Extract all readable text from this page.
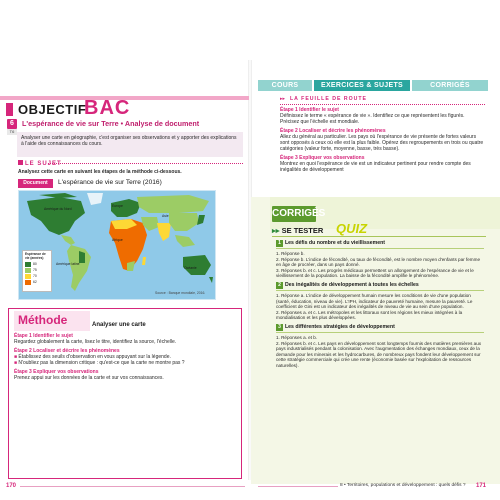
OBJECTIF
BAC
6
T6
L'espérance de vie sur Terre • Analyse de document
Analyser une carte en géographie, c'est organiser ses observations et y apporter des explications à l'aide des connaissances du cours.
LE SUJET
Analysez cette carte en suivant les étapes de la méthode ci-dessous.
Document	L'espérance de vie sur Terre (2016)
Amérique du Nord
Amérique latine
Europe
Afrique
Asie
Océanie
Espérance de vie (années)
80
75
70
62
Source : Banque mondiale, 2016.
Méthode	Analyser une carte
Étape 1 Identifier le sujet
Regardez globalement la carte, lisez le titre, identifiez la source, l'échelle.
Étape 2 Localiser et décrire les phénomènes
■ Établissez des seuils d'observation en vous appuyant sur la légende.
■ N'oubliez pas la dimension critique : qu'est-ce que la carte ne montre pas ?
Étape 3 Expliquer vos observations
Prenez appui sur les données de la carte et sur vos connaissances.
170
COURS	EXERCICES & SUJETS	CORRIGÉS
▸▸ LA FEUILLE DE ROUTE
Étape 1 Identifier le sujet
Définissez le terme « espérance de vie ». Identifiez ce que représentent les figurés. Précisez que l'échelle est mondiale.
Étape 2 Localiser et décrire les phénomènes
Allez du général au particulier. Les pays où l'espérance de vie présente de fortes valeurs sont opposés à ceux où elle est la plus faible. Opérez des regroupements en trois ou quatre catégories (valeur forte, moyenne, basse, très basse).
Étape 3 Expliquer vos observations
Montrez en quoi l'espérance de vie est un indicateur pertinent pour rendre compte des inégalités de développement
CORRIGÉS
▸▸ SE TESTER QUIZ
1 Les défis du nombre et du vieillissement
1. Réponse b.
2. Réponse b. L'indice de fécondité, ou taux de fécondité, est le nombre moyen d'enfants par femme en âge de procréer, dans un pays donné.
3. Réponses b. et c. Les progrès médicaux permettent un allongement de l'espérance de vie et le vieillissement de la population. La baisse de la fécondité amplifie le phénomène.
2 Des inégalités de développement à toutes les échelles
1. Réponse a. L'indice de développement humain mesure les conditions de vie d'une population (santé, éducation, niveau de vie). L'IPH, indicateur de pauvreté humaine, mesure la pauvreté. Le coefficient de Gini est un indicateur des inégalités de niveau de vie au sein d'une population.
2. Réponses a. et c. Les métropoles et les littoraux sont les régions les mieux intégrées à la mondialisation et les plus développées.
3 Les différentes stratégies de développement
1. Réponses a. et b.
2. Réponses b. et c. Les pays en développement sont longtemps fournis des matières premières aux pays industrialisés pendant la colonisation. Avec l'augmentation des échanges mondiaux, ceux de la demande pour les minerais et les hydrocarbures, de nombreux pays fondent leur développement sur cette stratégie commerciale qui crée une rente (économie basée sur l'exploitation de ressources naturelles).
8 • Territoires, populations et développement : quels défis ? 171
